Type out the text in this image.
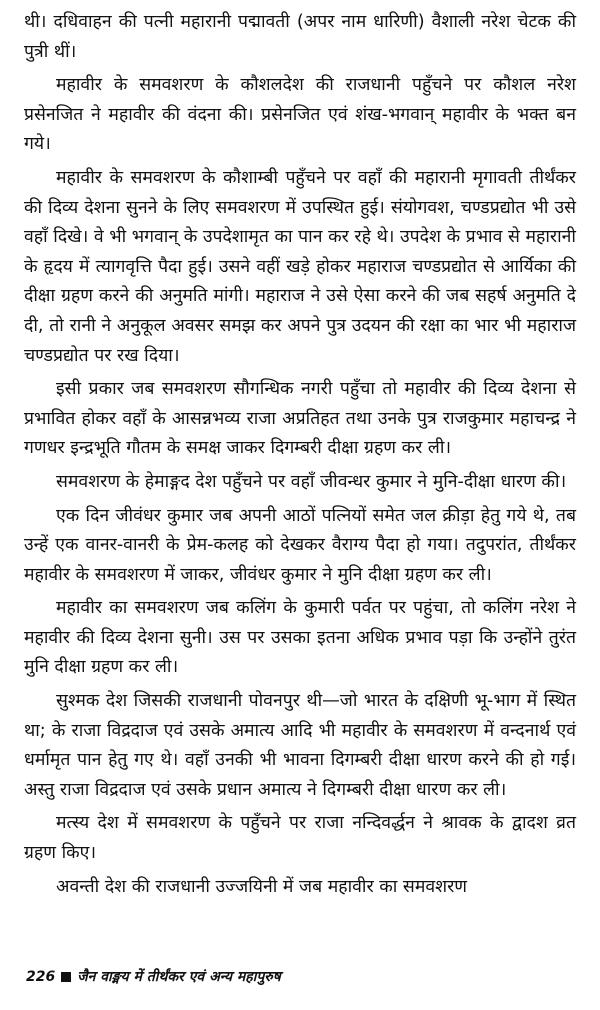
थी। दधिवाहन की पत्नी महारानी पद्मावती (अपर नाम धारिणी) वैशाली नरेश चेटक की पुत्री थीं।

महावीर के समवशरण के कौशलदेश की राजधानी पहुँचने पर कौशल नरेश प्रसेनजित ने महावीर की वंदना की। प्रसेनजित एवं शंख-भगवान् महावीर के भक्त बन गये।

महावीर के समवशरण के कौशाम्बी पहुँचने पर वहाँ की महारानी मृगावती तीर्थंकर की दिव्य देशना सुनने के लिए समवशरण में उपस्थित हुई। संयोगवश, चण्डप्रद्योत भी उसे वहाँ दिखे। वे भी भगवान् के उपदेशामृत का पान कर रहे थे। उपदेश के प्रभाव से महारानी के हृदय में त्यागवृत्ति पैदा हुई। उसने वहीं खड़े होकर महाराज चण्डप्रद्योत से आर्यिका की दीक्षा ग्रहण करने की अनुमति मांगी। महाराज ने उसे ऐसा करने की जब सहर्ष अनुमति दे दी, तो रानी ने अनुकूल अवसर समझ कर अपने पुत्र उदयन की रक्षा का भार भी महाराज चण्डप्रद्योत पर रख दिया।

इसी प्रकार जब समवशरण सौगन्धिक नगरी पहुँचा तो महावीर की दिव्य देशना से प्रभावित होकर वहाँ के आसन्नभव्य राजा अप्रतिहत तथा उनके पुत्र राजकुमार महाचन्द्र ने गणधर इन्द्रभूति गौतम के समक्ष जाकर दिगम्बरी दीक्षा ग्रहण कर ली।

समवशरण के हेमाङ्गद देश पहुँचने पर वहाँ जीवन्धर कुमार ने मुनि-दीक्षा धारण की।

एक दिन जीवंधर कुमार जब अपनी आठों पत्नियों समेत जल क्रीड़ा हेतु गये थे, तब उन्हें एक वानर-वानरी के प्रेम-कलह को देखकर वैराग्य पैदा हो गया। तदुपरांत, तीर्थंकर महावीर के समवशरण में जाकर, जीवंधर कुमार ने मुनि दीक्षा ग्रहण कर ली।

महावीर का समवशरण जब कलिंग के कुमारी पर्वत पर पहुंचा, तो कलिंग नरेश ने महावीर की दिव्य देशना सुनी। उस पर उसका इतना अधिक प्रभाव पड़ा कि उन्होंने तुरंत मुनि दीक्षा ग्रहण कर ली।

सुश्मक देश जिसकी राजधानी पोवनपुर थी—जो भारत के दक्षिणी भू-भाग में स्थित था; के राजा विद्रदाज एवं उसके अमात्य आदि भी महावीर के समवशरण में वन्दनार्थ एवं धर्मामृत पान हेतु गए थे। वहाँ उनकी भी भावना दिगम्बरी दीक्षा धारण करने की हो गई। अस्तु राजा विद्रदाज एवं उसके प्रधान अमात्य ने दिगम्बरी दीक्षा धारण कर ली।

मत्स्य देश में समवशरण के पहुँचने पर राजा नन्दिवर्द्धन ने श्रावक के द्वादश व्रत ग्रहण किए।

अवन्ती देश की राजधानी उज्जयिनी में जब महावीर का समवशरण

226 जैन वाङ्मय में तीर्थंकर एवं अन्य महापुरुष
